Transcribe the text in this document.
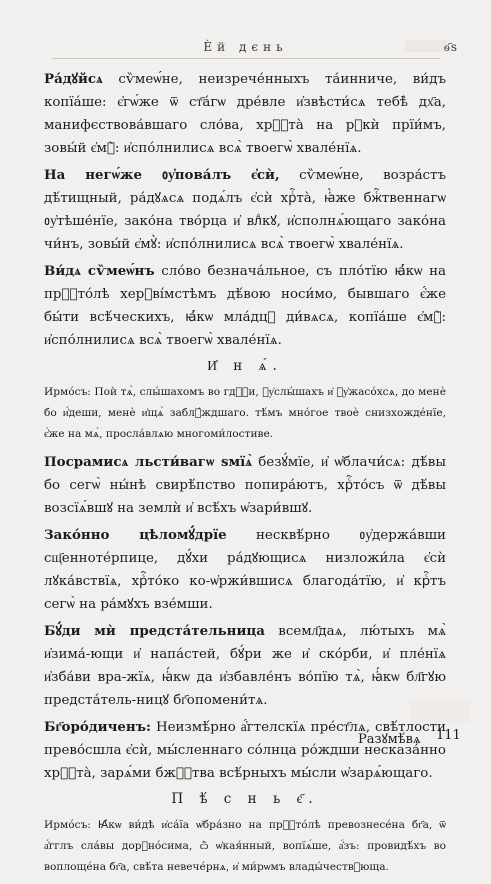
Ѐй дєнь	ѳ҃ѕ

Ра́дꙋйсѧ сѷмеѡ́не, неизрече́нныхъ та́инниче, ви́дъ копїа́ше: є҆гѡ́же ѿ ст҃а́гѡ дре́вле и҆звѣсти́сѧ тебѣ̀ дх҃а, манифєствова́вшаго сло́ва, хрⷭ҇та̀ на рꙋкѝ прїи́мъ, зовы́й є҆мꙋ̀: и҆спо́лнилисѧ всѧ̀ твоегѡ̀ хвале́нїѧ.

На негѡ́же ᲂу҆пова́лъ є҆сѝ, сѷмеѡ́не, возра́стъ дѣ́тищный, ра́дꙋѧсѧ подѧ́лъ є҆сѝ хрⷭ҇та̀, ꙗ҆̀же бжⷭ҇твеннагѡ ᲂу҆тѣше́нїе, зако́на тво́рца и҆ влⷣкꙋ, и҆сполнѧ́ющаго зако́на чи́нъ, зовы́й є҆мꙋ̀: и҆спо́лнилисѧ всѧ̀ твоегѡ̀ хвале́нїѧ.

Ви́дѧ сѷмеѡ́нъ сло́во безнача́льное, съ пло́тїю ꙗ҆́кѡ на прⷭ҇то́лѣ херꙋві́мстѣмъ дѣ́вою носи́мо, бывшаго є҆́же бы́ти всѣ́ческихъ, ꙗ҆́кѡ мла́дцꙋ ди́вѧсѧ, копїа́ше є҆мꙋ̀: и҆спо́лнилисѧ всѧ̀ твоегѡ̀ хвале́нїѧ.

И҆ н ѧ́.

Ирмо́съ: Поѝ тѧ̀, слы́шахомъ во гдⷭ҇и, ᲂу҆слы́шахъ и҆ ᲂу҆жасо́хсѧ, до менѐ бо и҆́деши, менѐ и҆щѧ̀ заблꙋ́ждшаго. тѣ́мъ мно́гое твоѐ снизхожде́нїе, є҆́же на мѧ̀, просла́влѧю многоми́лостиве.

Посрамисѧ льсти́вагѡ ѕмїѧ̀ безꙋ́мїе, и҆ ѡ҆блачи́сѧ: дѣ́вы бо сегѡ̀ ны́нѣ свирѣ́пство попира́ютъ, хрⷭ҇то́съ ѿ дѣ́вы возсїѧ́вшꙋ на землѝ и҆ всѣ́хъ ѡ҆зари́вшꙋ.

Зако́нно цѣломꙋ́дрїе несквѣ́рно ᲂу҆держа́вши сщ҃енноте́рпице, дꙋ́хи ра́дꙋющисѧ низложи́ла є҆сѝ лꙋка́вствїѧ, хрⷭ҇то́ко ко-ѡ҆ржи́вшисѧ благода́тїю, и҆ крⷭ҇тъ сегѡ̀ на ра́мꙋхъ взе́мши.

Бꙋ́ди мѝ предста́тельница всемл҃даѧ, лю́тыхъ мѧ̀ и҆зима́-ющи и҆ напа́стей, бꙋ́ри же и҆ ско́рби, и҆ пле́нїѧ и҆зба́ви вра-жїѧ, ꙗ҆́кѡ да и҆збавле́нъ во́пїю тѧ̀, ꙗ҆́кѡ бл҃гꙋю предста́тель-ницꙋ бг҃опомени́тѧ.

Бг҃оро́диченъ: Неизмѣ́рно а҆́гтелскїѧ пре́ст҃лѧ, свѣ́тлости прево́сшла є҆сѝ, мы́сленнаго со́лнца ро́ждши несказа́нно хрⷭ҇та̀, зарѧ́ми бжⷭ҇тва всѣ́рныхъ мы́сли ѡ҆зарѧ́ющаго.

П ѣ́ с н ь є҃.

Ирмо́съ: Ꙗ҆́кѡ ви́дѣ и҆са́їа ѡ҆бра́зно на прⷭ҇то́лѣ превознесе́на бг҃а, ѿ а҆́гглъ сла́вы дорꙋно́сима, ѽ ѡ҆кая́нный, вопїѧ́ше, а҆́зъ: провидѣ́хъ во воплоще́на бг҃а, свѣ́та невече́рнѧ, и҆ ми́рѡмъ влады́чествꙋюща.

Разꙋмѣ́вѧ 111
